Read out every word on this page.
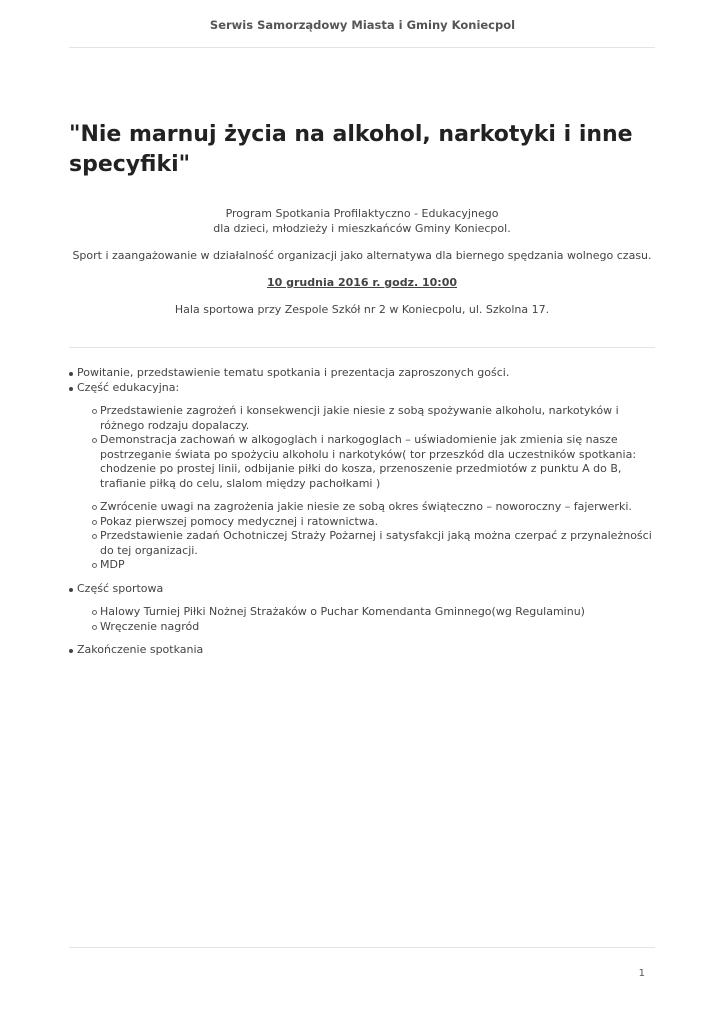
Serwis Samorządowy Miasta i Gminy Koniecpol
"Nie marnuj życia na alkohol, narkotyki i inne specyfiki"

Program Spotkania Profilaktyczno - Edukacyjnego

dla dzieci, młodzieży i mieszkańców Gminy Koniecpol.

Sport i zaangażowanie w działalność organizacji jako alternatywa dla biernego spędzania wolnego czasu.

10 grudnia 2016 r. godz. 10:00

Hala sportowa przy Zespole Szkół nr 2 w Koniecpolu, ul. Szkolna 17.

Powitanie, przedstawienie tematu spotkania i prezentacja zaproszonych gości.
Część edukacyjna:
Przedstawienie zagrożeń i konsekwencji jakie niesie z sobą spożywanie alkoholu, narkotyków i różnego rodzaju dopalaczy.
Demonstracja zachowań w alkogoglach i narkogoglach – uświadomienie jak zmienia się nasze postrzeganie świata po spożyciu alkoholu i narkotyków( tor przeszkód dla uczestników spotkania: chodzenie po prostej linii, odbijanie piłki do kosza, przenoszenie przedmiotów z punktu A do B, trafianie piłką do celu, slalom między pachołkami )
Zwrócenie uwagi na zagrożenia jakie niesie ze sobą okres świąteczno – noworoczny – fajerwerki.
Pokaz pierwszej pomocy medycznej i ratownictwa.
Przedstawienie zadań Ochotniczej Straży Pożarnej i satysfakcji jaką można czerpać z przynależności do tej organizacji.
MDP
Część sportowa
Halowy Turniej Piłki Nożnej Strażaków o Puchar Komendanta Gminnego(wg Regulaminu)
Wręczenie nagród
Zakończenie spotkania
1
